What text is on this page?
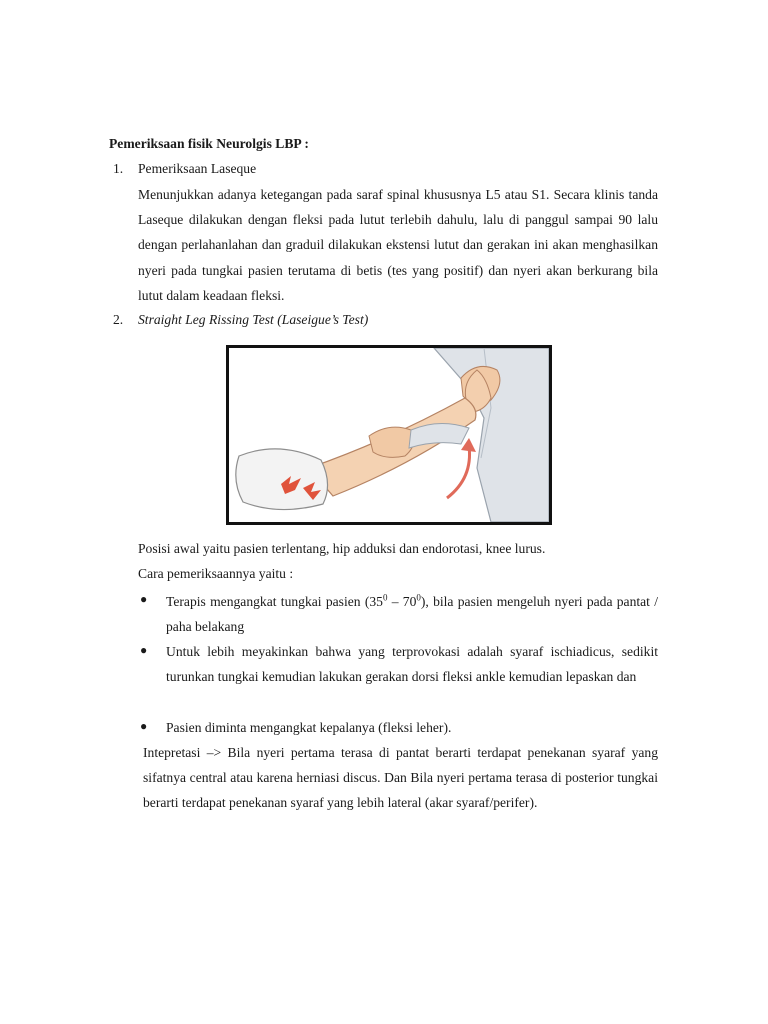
Pemeriksaan fisik Neurolgis LBP :
1. Pemeriksaan Laseque
Menunjukkan adanya ketegangan pada saraf spinal khususnya L5 atau S1. Secara klinis tanda Laseque dilakukan dengan fleksi pada lutut terlebih dahulu, lalu di panggul sampai 90 lalu dengan perlahanlahan dan graduil dilakukan ekstensi lutut dan gerakan ini akan menghasilkan nyeri pada tungkai pasien terutama di betis (tes yang positif) dan nyeri akan berkurang bila lutut dalam keadaan fleksi.
2. Straight Leg Rissing Test (Laseigue’s Test)
Posisi awal yaitu pasien terlentang, hip adduksi dan endorotasi, knee lurus.
Cara pemeriksaannya yaitu :
● Terapis mengangkat tungkai pasien $(35^0 - 70^0)$, bila pasien mengeluh nyeri pada pantat / paha belakang
● Untuk lebih meyakinkan bahwa yang terprovokasi adalah syaraf ischiadicus, sedikit turunkan tungkai kemudian lakukan gerakan dorsi fleksi ankle kemudian lepaskan dan
● Pasien diminta mengangkat kepalanya (fleksi leher).
Intepretasi –> Bila nyeri pertama terasa di pantat berarti terdapat penekanan syaraf yang sifatnya central atau karena herniasi discus. Dan Bila nyeri pertama terasa di posterior tungkai berarti terdapat penekanan syaraf yang lebih lateral (akar syaraf/perifer).
